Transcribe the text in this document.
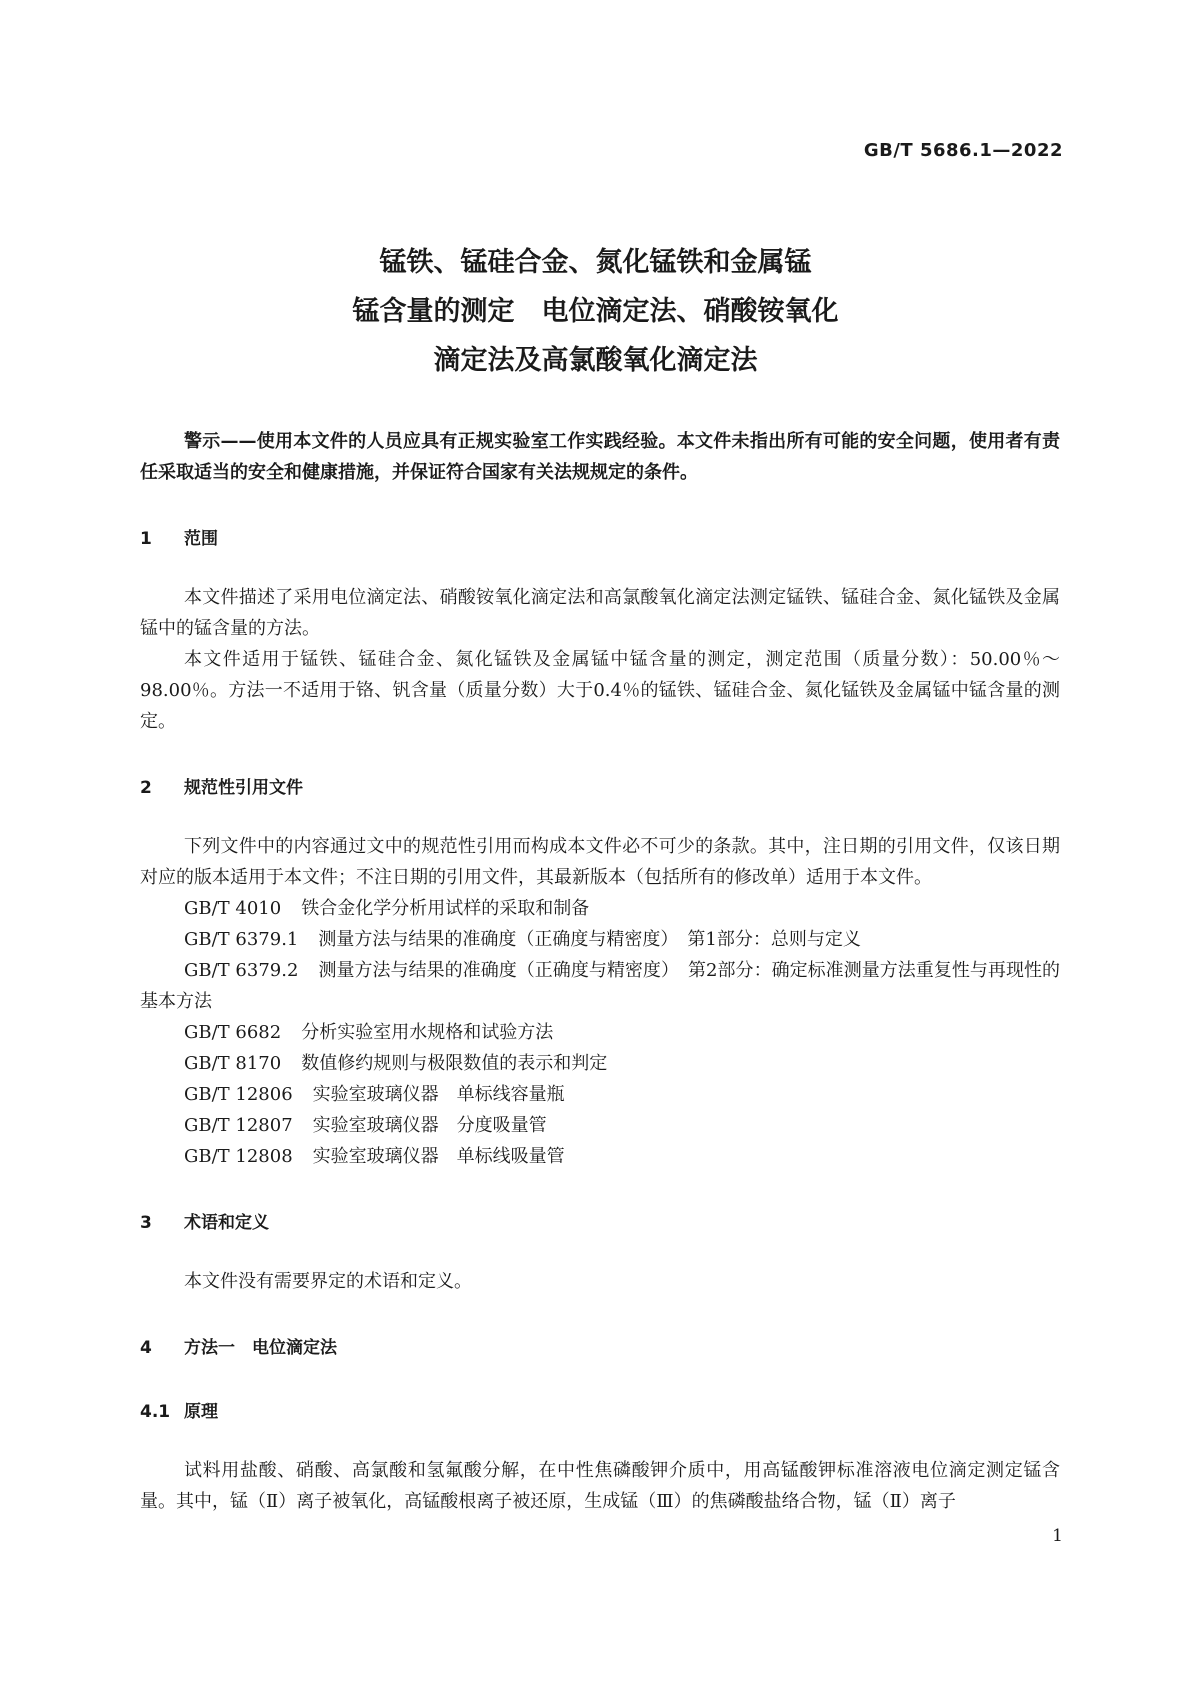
GB/T 5686.1—2022
锰铁、锰硅合金、氮化锰铁和金属锰
锰含量的测定　电位滴定法、硝酸铵氧化
滴定法及高氯酸氧化滴定法

警示——使用本文件的人员应具有正规实验室工作实践经验。本文件未指出所有可能的安全问题，使用者有责任采取适当的安全和健康措施，并保证符合国家有关法规规定的条件。

1 范围

本文件描述了采用电位滴定法、硝酸铵氧化滴定法和高氯酸氧化滴定法测定锰铁、锰硅合金、氮化锰铁及金属锰中的锰含量的方法。

本文件适用于锰铁、锰硅合金、氮化锰铁及金属锰中锰含量的测定，测定范围（质量分数）：50.00％～98.00％。方法一不适用于铬、钒含量（质量分数）大于0.4％的锰铁、锰硅合金、氮化锰铁及金属锰中锰含量的测定。

2 规范性引用文件

下列文件中的内容通过文中的规范性引用而构成本文件必不可少的条款。其中，注日期的引用文件，仅该日期对应的版本适用于本文件；不注日期的引用文件，其最新版本（包括所有的修改单）适用于本文件。

GB/T 4010 铁合金化学分析用试样的采取和制备

GB/T 6379.1 测量方法与结果的准确度（正确度与精密度）　第1部分：总则与定义

GB/T 6379.2 测量方法与结果的准确度（正确度与精密度）　第2部分：确定标准测量方法重复性与再现性的基本方法

GB/T 6682 分析实验室用水规格和试验方法

GB/T 8170 数值修约规则与极限数值的表示和判定

GB/T 12806 实验室玻璃仪器　单标线容量瓶

GB/T 12807 实验室玻璃仪器　分度吸量管

GB/T 12808 实验室玻璃仪器　单标线吸量管

3 术语和定义

本文件没有需要界定的术语和定义。

4 方法一　电位滴定法
4.1 原理

试料用盐酸、硝酸、高氯酸和氢氟酸分解，在中性焦磷酸钾介质中，用高锰酸钾标准溶液电位滴定测定锰含量。其中，锰（Ⅱ）离子被氧化，高锰酸根离子被还原，生成锰（Ⅲ）的焦磷酸盐络合物，锰（Ⅱ）离子

1
